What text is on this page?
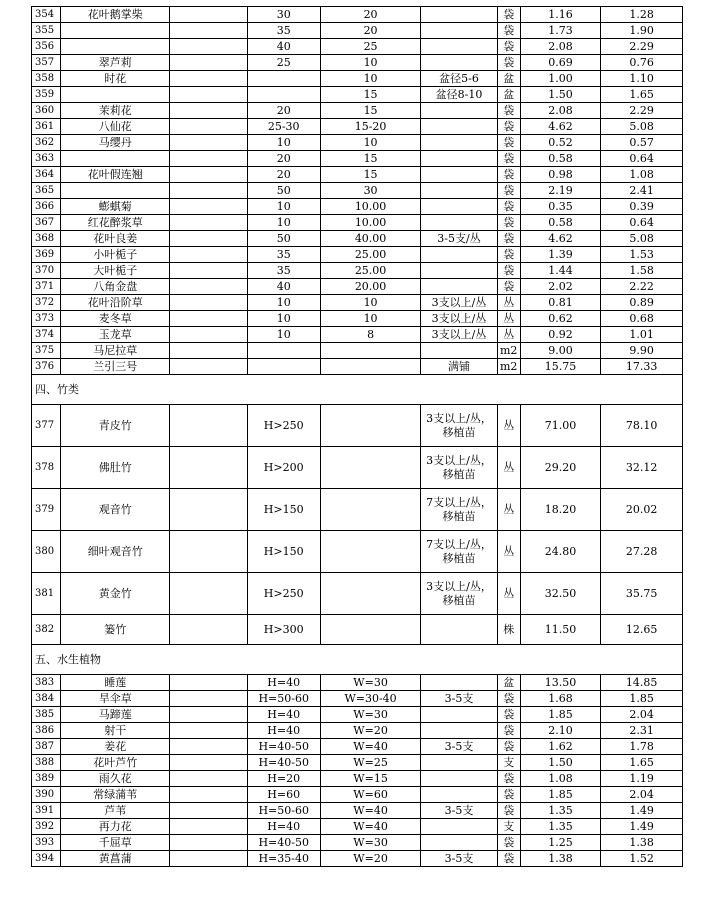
354	花叶鹅掌柴		30	20		袋	1.16	1.28
355			35	20		袋	1.73	1.90
356			40	25		袋	2.08	2.29
357	翠芦莉		25	10		袋	0.69	0.76
358	时花			10	盆径5-6	盆	1.00	1.10
359				15	盆径8-10	盆	1.50	1.65
360	茉莉花		20	15		袋	2.08	2.29
361	八仙花		25-30	15-20		袋	4.62	5.08
362	马缨丹		10	10		袋	0.52	0.57
363			20	15		袋	0.58	0.64
364	花叶假连翘		20	15		袋	0.98	1.08
365			50	30		袋	2.19	2.41
366	蟛蜞菊		10	10.00		袋	0.35	0.39
367	红花醉浆草		10	10.00		袋	0.58	0.64
368	花叶良姜		50	40.00	3-5支/丛	袋	4.62	5.08
369	小叶栀子		35	25.00		袋	1.39	1.53
370	大叶栀子		35	25.00		袋	1.44	1.58
371	八角金盘		40	20.00		袋	2.02	2.22
372	花叶沿阶草		10	10	3支以上/丛	丛	0.81	0.89
373	麦冬草		10	10	3支以上/丛	丛	0.62	0.68
374	玉龙草		10	8	3支以上/丛	丛	0.92	1.01
375	马尼拉草					m2	9.00	9.90
376	兰引三号				满铺	m2	15.75	17.33
四、竹类								
377	青皮竹		H>250		3支以上/丛，移植苗	丛	71.00	78.10
378	佛肚竹		H>200		3支以上/丛，移植苗	丛	29.20	32.12
379	观音竹		H>150		7支以上/丛，移植苗	丛	18.20	20.02
380	细叶观音竹		H>150		7支以上/丛，移植苗	丛	24.80	27.28
381	黄金竹		H>250		3支以上/丛，移植苗	丛	32.50	35.75
382	篓竹		H>300			株	11.50	12.65
五、水生植物								
383	睡莲		H=40	W=30		盆	13.50	14.85
384	旱伞草		H=50-60	W=30-40	3-5支	袋	1.68	1.85
385	马蹄莲		H=40	W=30		袋	1.85	2.04
386	射干		H=40	W=20		袋	2.10	2.31
387	姜花		H=40-50	W=40	3-5支	袋	1.62	1.78
388	花叶芦竹		H=40-50	W=25		支	1.50	1.65
389	雨久花		H=20	W=15		袋	1.08	1.19
390	常绿蒲苇		H=60	W=60		袋	1.85	2.04
391	芦苇		H=50-60	W=40	3-5支	袋	1.35	1.49
392	再力花		H=40	W=40		支	1.35	1.49
393	千屈草		H=40-50	W=30		袋	1.25	1.38
394	黄菖蒲		H=35-40	W=20	3-5支	袋	1.38	1.52
